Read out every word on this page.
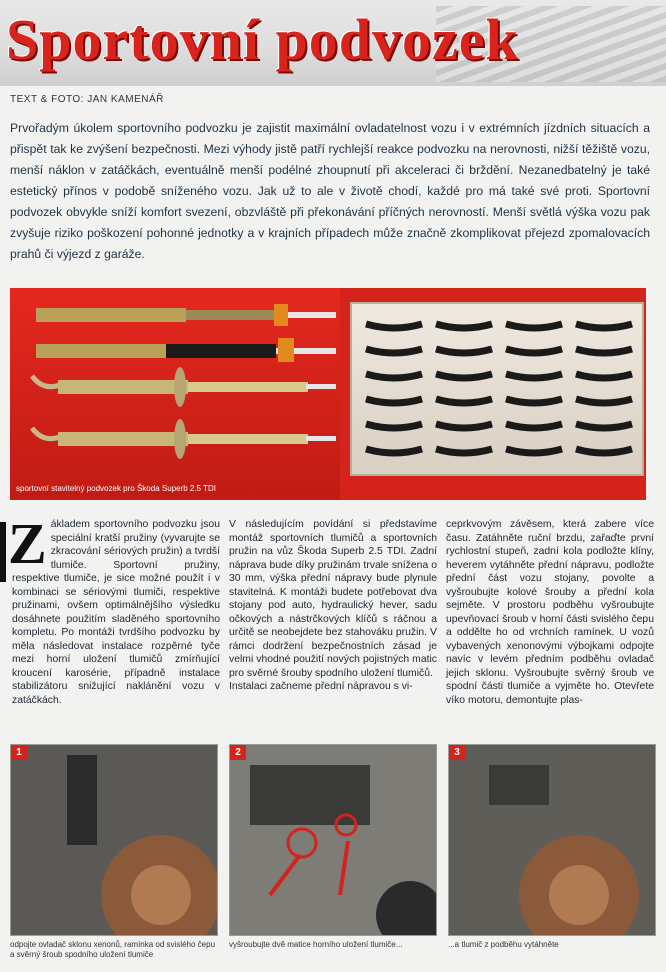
Sportovní podvozek
TEXT & FOTO: JAN KAMENÁŘ
Prvořadým úkolem sportovního podvozku je zajistit maximální ovladatelnost vozu i v extrémních jízdních situacích a přispět tak ke zvýšení bezpečnosti. Mezi výhody jistě patří rychlejší reakce podvozku na nerovnosti, nižší těžiště vozu, menší náklon v zatáčkách, eventuálně menší podélné zhoupnutí při akceleraci či brždění. Nezanedbatelný je také estetický přínos v podobě sníženého vozu. Jak už to ale v životě chodí, každé pro má také své proti. Sportovní podvozek obvykle sníží komfort svezení, obzvláště při překonávání příčných nerovností. Menší světlá výška vozu pak zvyšuje riziko poškození pohonné jednotky a v krajních případech může značně zkomplikovat přejezd zpomalovacích prahů či výjezd z garáže.
sportovní stavitelný podvozek pro Škoda Superb 2.5 TDI
Z ákladem sportovního podvozku jsou speciální kratší pružiny (vyvarujte se zkracování sériových pružin) a tvrdší tlumiče. Sportovní pružiny, respektive tlumiče, je sice možné použít i v kombinaci se sériovými tlumiči, respektive pružinami, ovšem optimálnějšího výsledku dosáhnete použitím sladěného sportovního kompletu. Po montáži tvrdšího podvozku by měla následovat instalace rozpěrné tyče mezi horní uložení tlumičů zmírňující kroucení karosérie, případně instalace stabilizátoru snižující naklánění vozu v zatáčkách.
V následujícím povídání si představíme montáž sportovních tlumičů a sportovních pružin na vůz Škoda Superb 2.5 TDI. Zadní náprava bude díky pružinám trvale snížena o 30 mm, výška přední nápravy bude plynule stavitelná. K montáži budete potřebovat dva stojany pod auto, hydraulický hever, sadu očkových a nástrčkových klíčů s ráčnou a určitě se neobejdete bez stahováku pružin. V rámci dodržení bezpečnostních zásad je velmi vhodné použití nových pojistných matic pro svěrné šrouby spodního uložení tlumičů.
Instalaci začneme přední nápravou s vi-
ceprkvovým závěsem, která zabere více času. Zatáhněte ruční brzdu, zařaďte první rychlostní stupeň, zadní kola podložte klíny, heverem vytáhněte přední nápravu, podložte přední část vozu stojany, povolte a vyšroubujte kolové šrouby a přední kola sejměte. V prostoru podběhu vyšroubujte upevňovací šroub v horní části svislého čepu a oddělte ho od vrchních ramínek. U vozů vybavených xenonovými výbojkami odpojte navíc v levém předním podběhu ovladač jejich sklonu. Vyšroubujte svěrný šroub ve spodní části tlumiče a vyjměte ho. Otevřete víko motoru, demontujte plas-
1	2	3
odpojte ovladač sklonu xenonů, ramínka od svislého čepu a svěrný šroub spodního uložení tlumiče
vyšroubujte dvě matice horního uložení tlumiče...	...a tlumič z podběhu vytáhněte
